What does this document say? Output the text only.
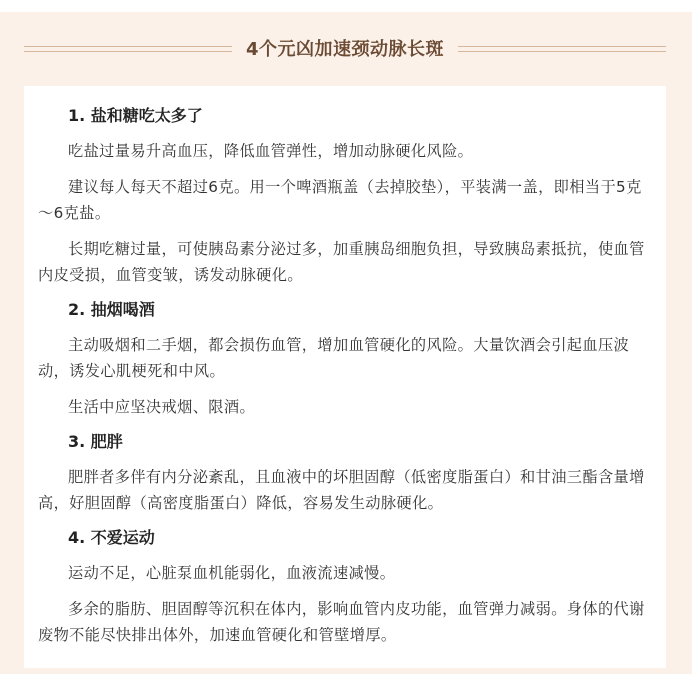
4个元凶加速颈动脉长斑
1. 盐和糖吃太多了

吃盐过量易升高血压，降低血管弹性，增加动脉硬化风险。

建议每人每天不超过6克。用一个啤酒瓶盖（去掉胶垫），平装满一盖，即相当于5克～6克盐。

长期吃糖过量，可使胰岛素分泌过多，加重胰岛细胞负担，导致胰岛素抵抗，使血管内皮受损，血管变皱，诱发动脉硬化。

2. 抽烟喝酒

主动吸烟和二手烟，都会损伤血管，增加血管硬化的风险。大量饮酒会引起血压波动，诱发心肌梗死和中风。

生活中应坚决戒烟、限酒。

3. 肥胖

肥胖者多伴有内分泌紊乱，且血液中的坏胆固醇（低密度脂蛋白）和甘油三酯含量增高，好胆固醇（高密度脂蛋白）降低，容易发生动脉硬化。

4. 不爱运动

运动不足，心脏泵血机能弱化，血液流速减慢。

多余的脂肪、胆固醇等沉积在体内，影响血管内皮功能，血管弹力减弱。身体的代谢废物不能尽快排出体外，加速血管硬化和管壁增厚。
